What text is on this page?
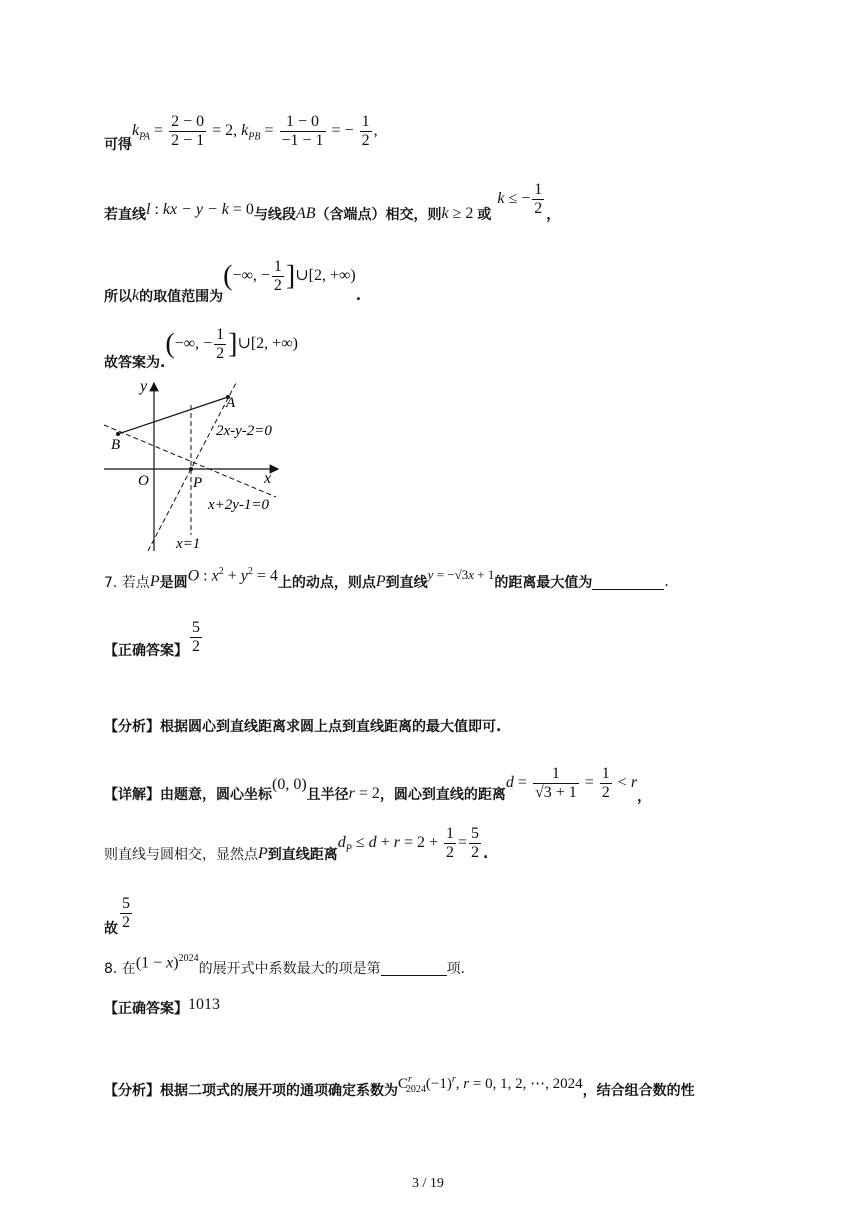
可得
$k_{PA} = \frac{2 - 0}{2 - 1} = 2$, $k_{PB} = \frac{1 - 0}{-1 - 1}$ = − $\frac{1}{2}$ ,
若直线 l : kx − y − k = 0 与线段 AB （含端点）相交，则 k ≥ 2 或
k ≤ − $\frac{1}{2}$ ，
所以 k 的取值范围为
(−∞, − $\frac{1}{2}$ ]∪[2, +∞)
.
故答案为.
(−∞, − $\frac{1}{2}$ ]∪[2, +∞)
y
x
O
A
B
P
2x-y-2=0
x+2y-1=0
x=1
7. 若点 P 是圆 O : $x^2 + y^2 = 4$ 上的动点，则点 P 到直线
y = −√3x + 1
的距离最大值为	.
【正确答案】 $\frac{5}{2}$
【分析】根据圆心到直线距离求圆上点到直线距离的最大值即可.
【详解】 由题意，圆心坐标
(0, 0)
且半径 r = 2 ，圆心到直线的距离
$d = \frac{1}{√3 + 1} = \frac{1}{2} < r$
，
则直线与圆相交，显然点 P 到直线距离
$d_P \le d + r = 2 + \frac{1}{2} = \frac{5}{2}$ .
故 $\frac{5}{2}$
8. 在 $(1 - x)^{2024}$
的展开式中系数最大的项是第	项.
【正确答案】 1013
【分析】 根据二项式的展开项的通项确定系数为 $C^r_{2024}(-1)^r$, r = 0, 1, 2, ⋯, 2024 ，结合组合数的性
3 / 19
